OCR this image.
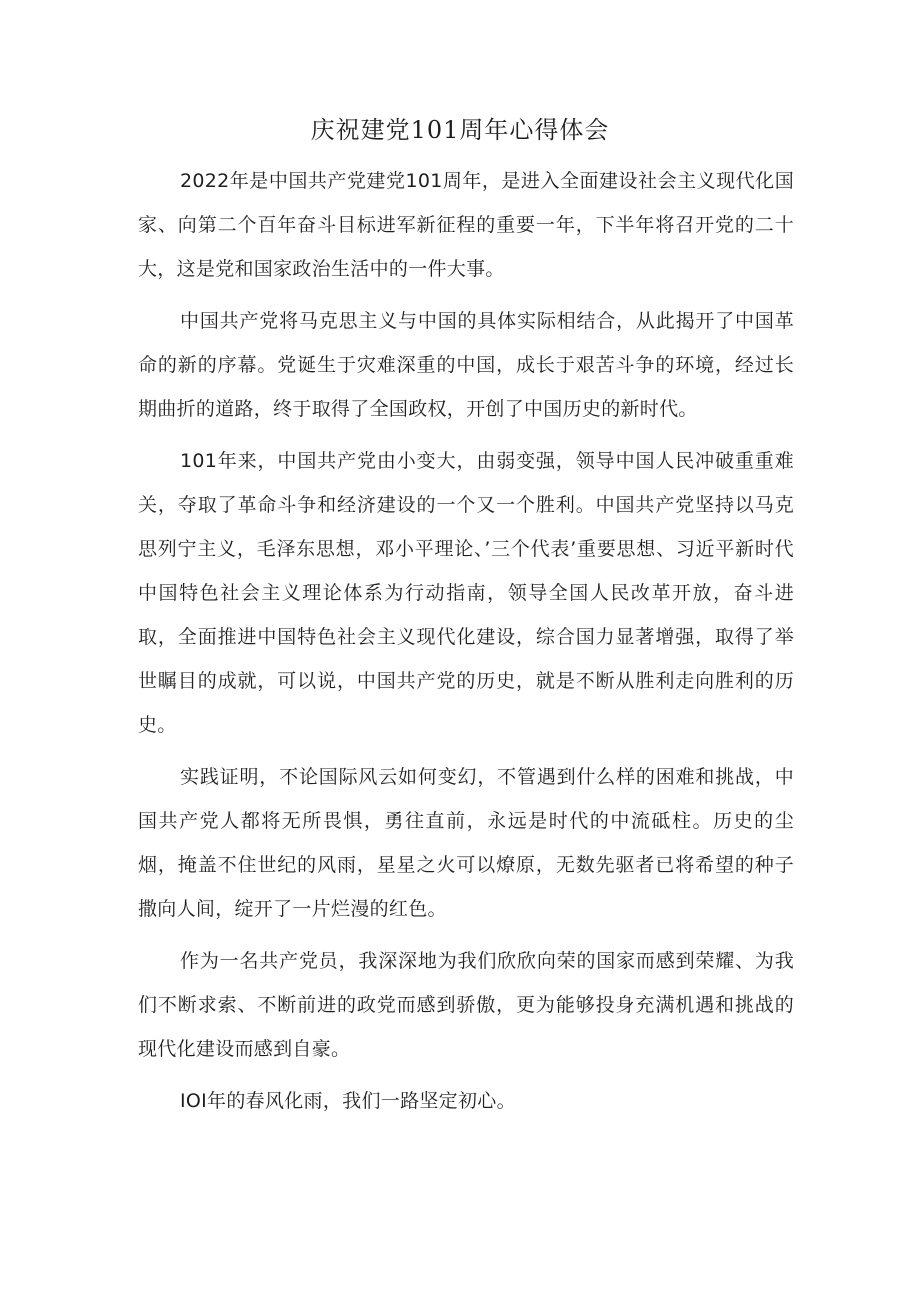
庆祝建党101周年心得体会

2022年是中国共产党建党101周年，是进入全面建设社会主义现代化国家、向第二个百年奋斗目标进军新征程的重要一年，下半年将召开党的二十大，这是党和国家政治生活中的一件大事。

中国共产党将马克思主义与中国的具体实际相结合，从此揭开了中国革命的新的序幕。党诞生于灾难深重的中国，成长于艰苦斗争的环境，经过长期曲折的道路，终于取得了全国政权，开创了中国历史的新时代。

101年来，中国共产党由小变大，由弱变强，领导中国人民冲破重重难关，夺取了革命斗争和经济建设的一个又一个胜利。中国共产党坚持以马克思列宁主义，毛泽东思想，邓小平理论、’三个代表’重要思想、习近平新时代中国特色社会主义理论体系为行动指南，领导全国人民改革开放，奋斗进取，全面推进中国特色社会主义现代化建设，综合国力显著增强，取得了举世瞩目的成就，可以说，中国共产党的历史，就是不断从胜利走向胜利的历史。

实践证明，不论国际风云如何变幻，不管遇到什么样的困难和挑战，中国共产党人都将无所畏惧，勇往直前，永远是时代的中流砥柱。历史的尘烟，掩盖不住世纪的风雨，星星之火可以燎原，无数先驱者已将希望的种子撒向人间，绽开了一片烂漫的红色。

作为一名共产党员，我深深地为我们欣欣向荣的国家而感到荣耀、为我们不断求索、不断前进的政党而感到骄傲，更为能够投身充满机遇和挑战的现代化建设而感到自豪。

IOI年的春风化雨，我们一路坚定初心。
